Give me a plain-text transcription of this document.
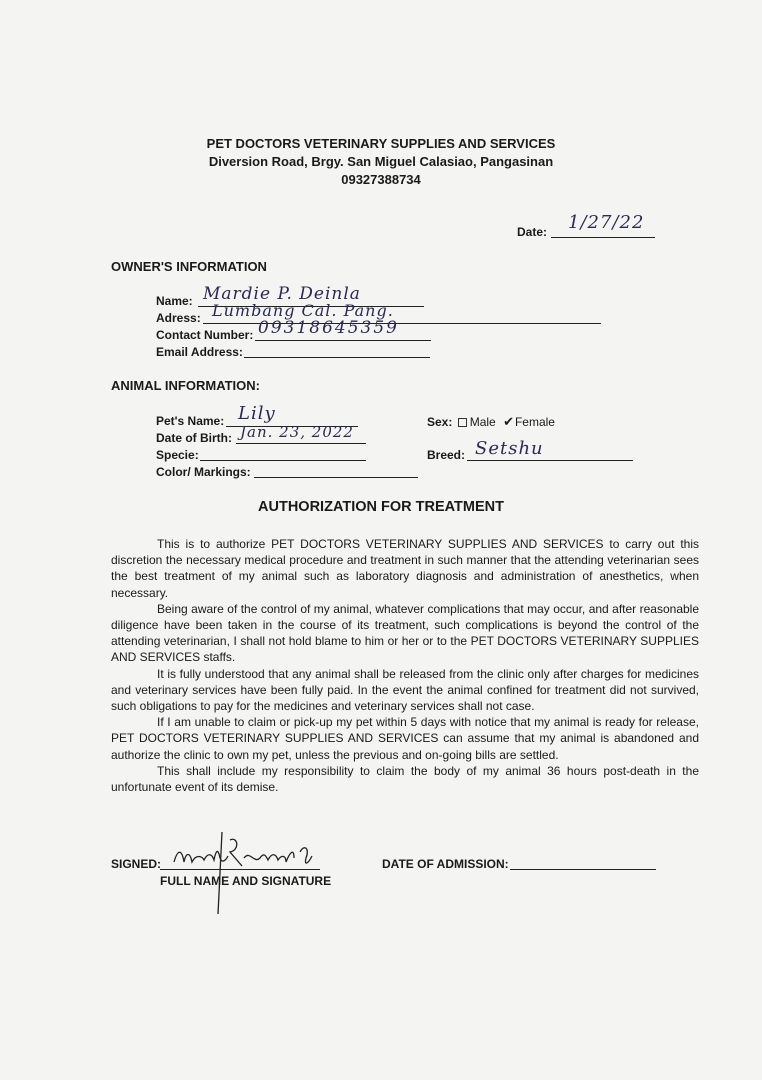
PET DOCTORS VETERINARY SUPPLIES AND SERVICES
Diversion Road, Brgy. San Miguel Calasiao, Pangasinan
09327388734
Date: 1/27/22
OWNER'S INFORMATION
Name: Mardie P. Deinla
Adress: Lumbang Cal. Pang.
Contact Number: 09318645359
Email Address:
ANIMAL INFORMATION:
Pet's Name: Lily
Date of Birth: Jan. 23, 2022
Specie:
Color/ Markings:
Sex: Male ✔Female
Breed: Setshu
AUTHORIZATION FOR TREATMENT

This is to authorize PET DOCTORS VETERINARY SUPPLIES AND SERVICES to carry out this discretion the necessary medical procedure and treatment in such manner that the attending veterinarian sees the best treatment of my animal such as laboratory diagnosis and administration of anesthetics, when necessary.

Being aware of the control of my animal, whatever complications that may occur, and after reasonable diligence have been taken in the course of its treatment, such complications is beyond the control of the attending veterinarian, I shall not hold blame to him or her or to the PET DOCTORS VETERINARY SUPPLIES AND SERVICES staffs.

It is fully understood that any animal shall be released from the clinic only after charges for medicines and veterinary services have been fully paid. In the event the animal confined for treatment did not survived, such obligations to pay for the medicines and veterinary services shall not case.

If I am unable to claim or pick-up my pet within 5 days with notice that my animal is ready for release, PET DOCTORS VETERINARY SUPPLIES AND SERVICES can assume that my animal is abandoned and authorize the clinic to own my pet, unless the previous and on-going bills are settled.

This shall include my responsibility to claim the body of my animal 36 hours post-death in the unfortunate event of its demise.

SIGNED:
FULL NAME AND SIGNATURE
DATE OF ADMISSION:
